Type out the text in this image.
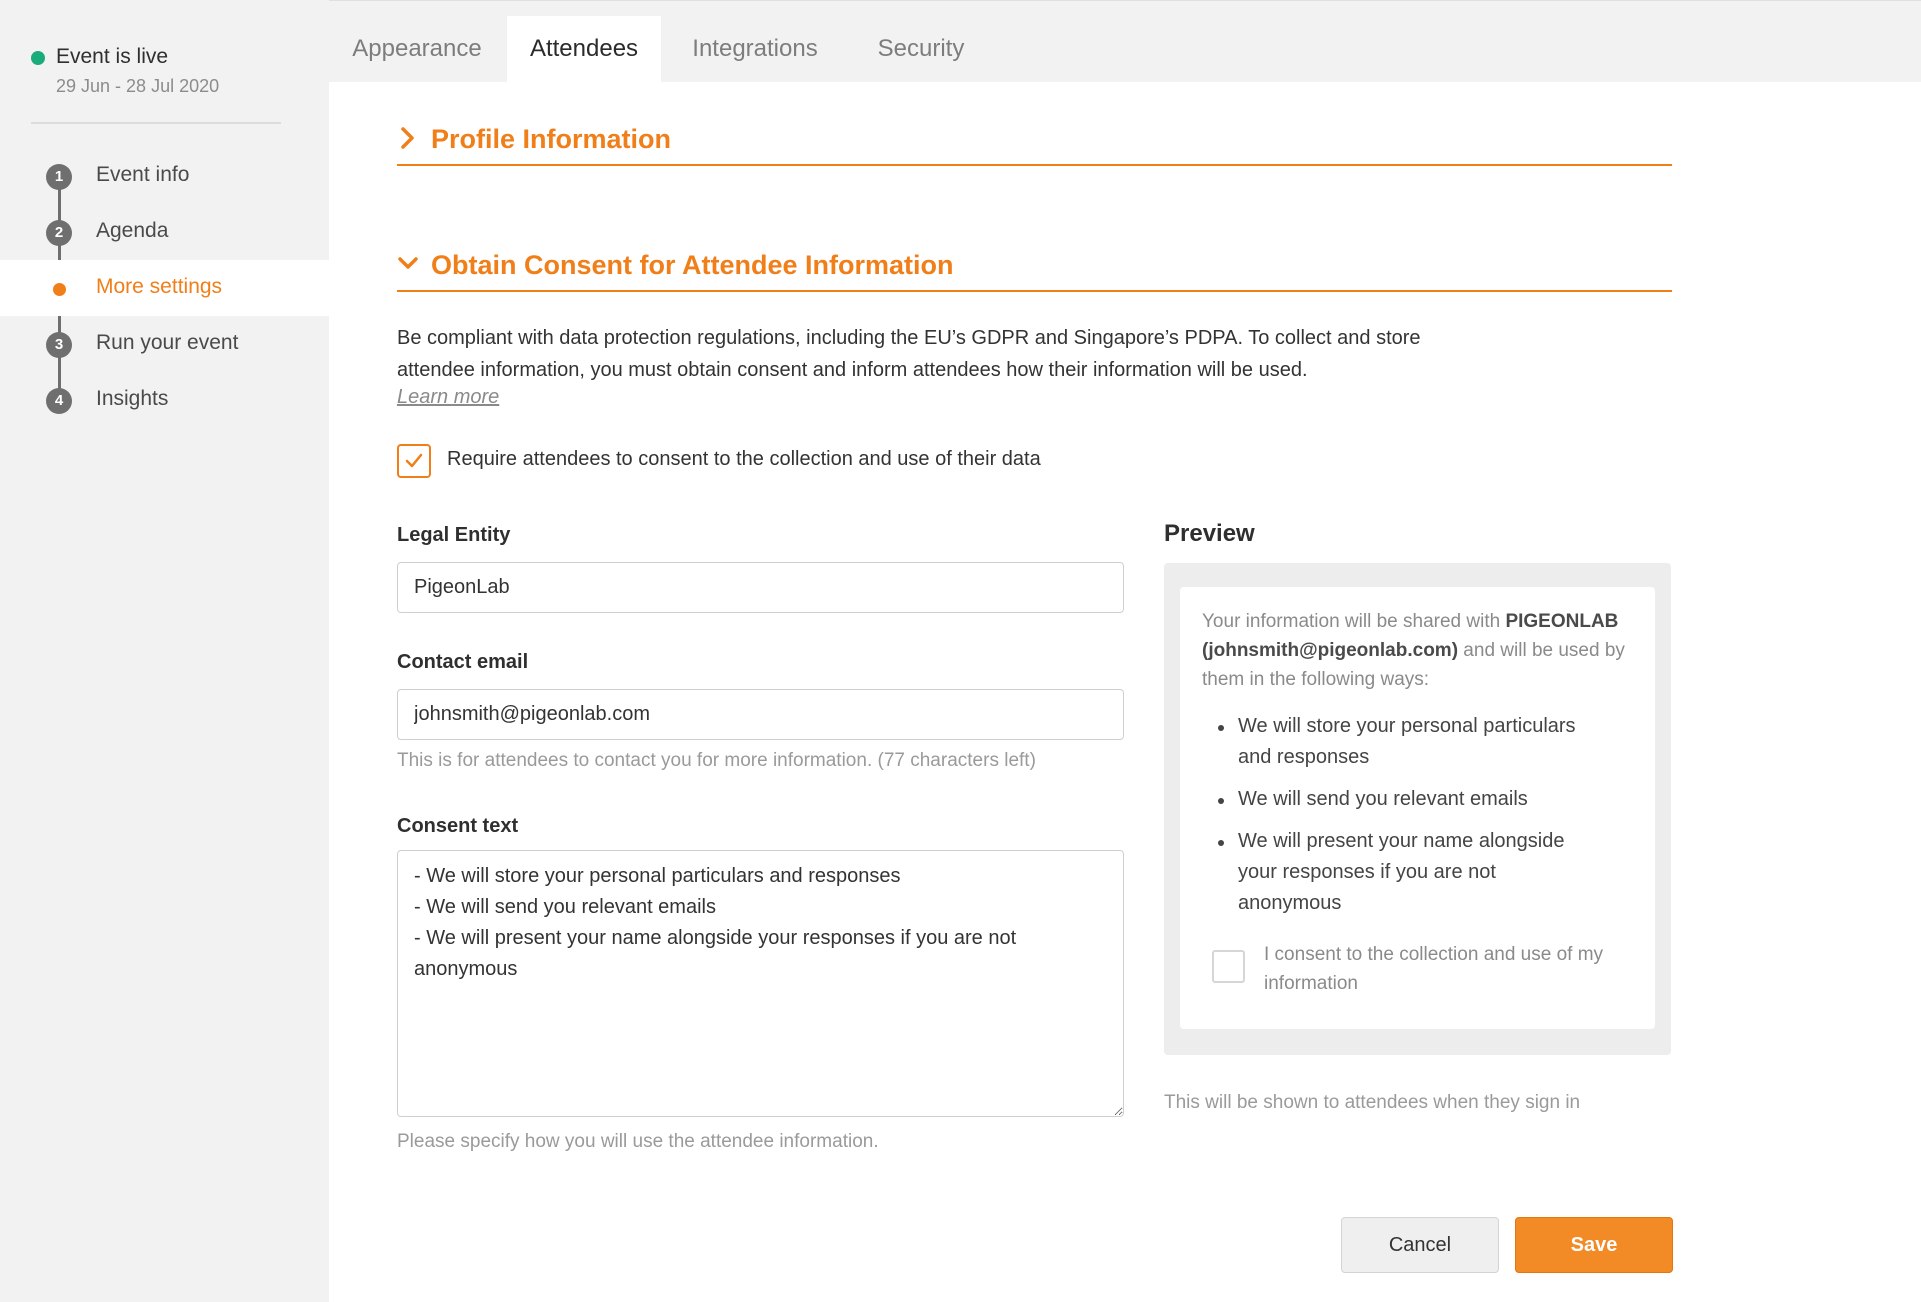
Event is live
29 Jun - 28 Jul 2020
1	Event info
2	Agenda
More settings
3	Run your event
4	Insights
Appearance	Attendees	Integrations	Security
Profile Information
Obtain Consent for Attendee Information

Be compliant with data protection regulations, including the EU’s GDPR and Singapore’s PDPA. To collect and store attendee information, you must obtain consent and inform attendees how their information will be used.

Learn more
Require attendees to consent to the collection and use of their data
Legal Entity
PigeonLab
Contact email
johnsmith@pigeonlab.com
This is for attendees to contact you for more information. (77 characters left)
Consent text
- We will store your personal particulars and responses - We will send you relevant emails - We will present your name alongside your responses if you are not anonymous
Please specify how you will use the attendee information.
Preview

Your information will be shared with PIGEONLAB (johnsmith@pigeonlab.com) and will be used by them in the following ways:

We will store your personal particulars and responses
We will send you relevant emails
We will present your name alongside your responses if you are not anonymous
I consent to the collection and use of my information
This will be shown to attendees when they sign in
Cancel	Save
